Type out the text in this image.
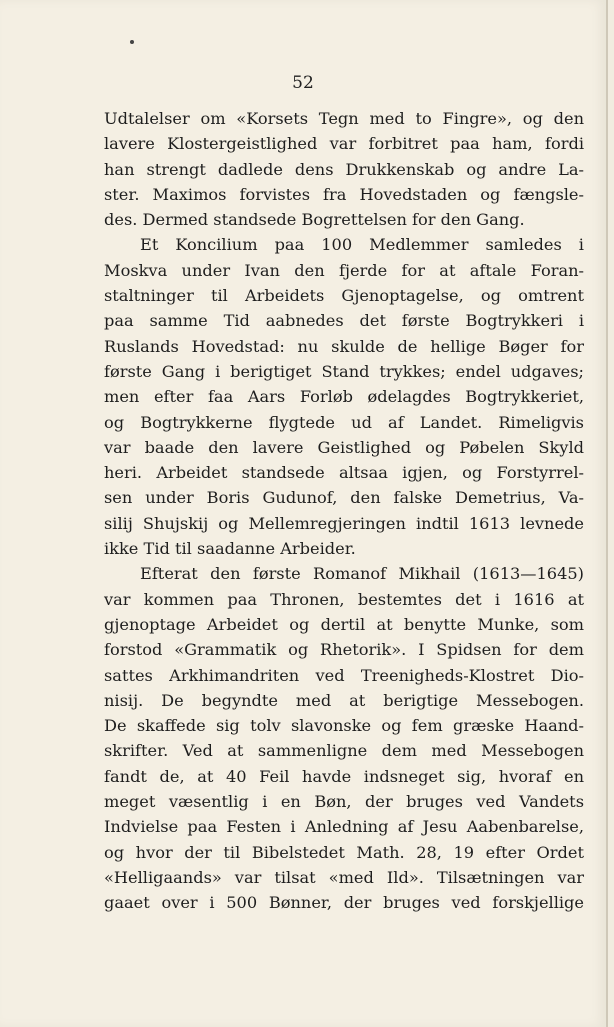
52
Udtalelser om «Korsets Tegn med to Fingre», og den
lavere Klostergeistlighed var forbitret paa ham, fordi
han strengt dadlede dens Drukkenskab og andre La-
ster. Maximos forvistes fra Hovedstaden og fængsle-
des. Dermed standsede Bogrettelsen for den Gang.
Et Koncilium paa 100 Medlemmer samledes i
Moskva under Ivan den fjerde for at aftale Foran-
staltninger til Arbeidets Gjenoptagelse, og omtrent
paa samme Tid aabnedes det første Bogtrykkeri i
Ruslands Hovedstad: nu skulde de hellige Bøger for
første Gang i berigtiget Stand trykkes; endel udgaves;
men efter faa Aars Forløb ødelagdes Bogtrykkeriet,
og Bogtrykkerne flygtede ud af Landet. Rimeligvis
var baade den lavere Geistlighed og Pøbelen Skyld
heri. Arbeidet standsede altsaa igjen, og Forstyrrel-
sen under Boris Gudunof, den falske Demetrius, Va-
silij Shujskij og Mellemregjeringen indtil 1613 levnede
ikke Tid til saadanne Arbeider.
Efterat den første Romanof Mikhail (1613—1645)
var kommen paa Thronen, bestemtes det i 1616 at
gjenoptage Arbeidet og dertil at benytte Munke, som
forstod «Grammatik og Rhetorik». I Spidsen for dem
sattes Arkhimandriten ved Treenigheds-Klostret Dio-
nisij. De begyndte med at berigtige Messebogen.
De skaffede sig tolv slavonske og fem græske Haand-
skrifter. Ved at sammenligne dem med Messebogen
fandt de, at 40 Feil havde indsneget sig, hvoraf en
meget væsentlig i en Bøn, der bruges ved Vandets
Indvielse paa Festen i Anledning af Jesu Aabenbarelse,
og hvor der til Bibelstedet Math. 28, 19 efter Ordet
«Helligaands» var tilsat «med Ild». Tilsætningen var
gaaet over i 500 Bønner, der bruges ved forskjellige
